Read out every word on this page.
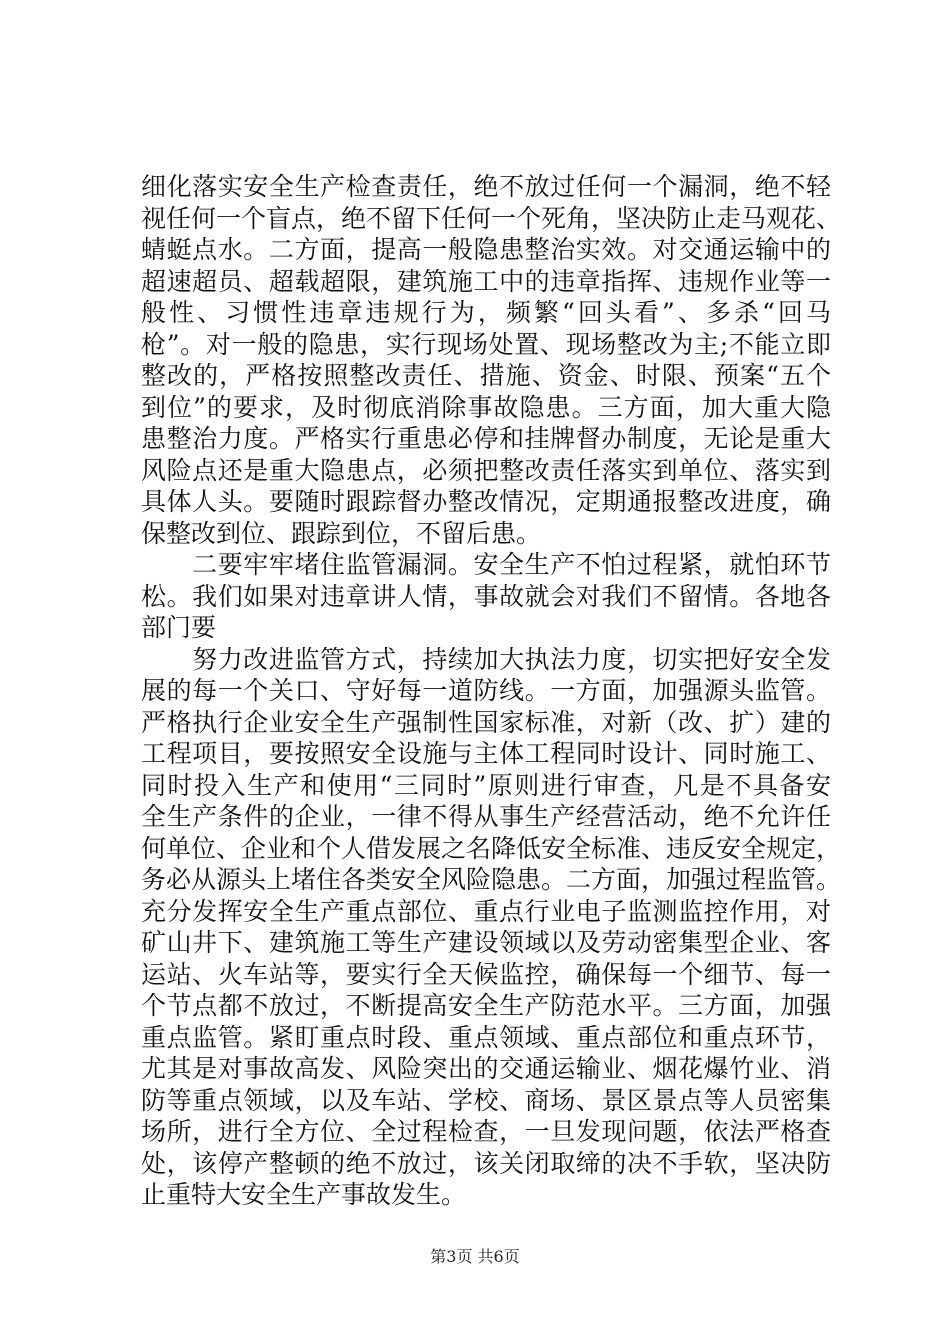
细化落实安全生产检查责任，绝不放过任何一个漏洞，绝不轻
视任何一个盲点，绝不留下任何一个死角，坚决防止走马观花、
蜻蜓点水。二方面，提高一般隐患整治实效。对交通运输中的
超速超员、超载超限，建筑施工中的违章指挥、违规作业等一
般性、习惯性违章违规行为，频繁“回头看”、多杀“回马
枪”。对一般的隐患，实行现场处置、现场整改为主;不能立即
整改的，严格按照整改责任、措施、资金、时限、预案“五个
到位”的要求，及时彻底消除事故隐患。三方面，加大重大隐
患整治力度。严格实行重患必停和挂牌督办制度，无论是重大
风险点还是重大隐患点，必须把整改责任落实到单位、落实到
具体人头。要随时跟踪督办整改情况，定期通报整改进度，确
保整改到位、跟踪到位，不留后患。
　　二要牢牢堵住监管漏洞。安全生产不怕过程紧，就怕环节
松。我们如果对违章讲人情，事故就会对我们不留情。各地各
部门要
　　努力改进监管方式，持续加大执法力度，切实把好安全发
展的每一个关口、守好每一道防线。一方面，加强源头监管。
严格执行企业安全生产强制性国家标准，对新（改、扩）建的
工程项目，要按照安全设施与主体工程同时设计、同时施工、
同时投入生产和使用“三同时”原则进行审查，凡是不具备安
全生产条件的企业，一律不得从事生产经营活动，绝不允许任
何单位、企业和个人借发展之名降低安全标准、违反安全规定，
务必从源头上堵住各类安全风险隐患。二方面，加强过程监管。
充分发挥安全生产重点部位、重点行业电子监测监控作用，对
矿山井下、建筑施工等生产建设领域以及劳动密集型企业、客
运站、火车站等，要实行全天候监控，确保每一个细节、每一
个节点都不放过，不断提高安全生产防范水平。三方面，加强
重点监管。紧盯重点时段、重点领域、重点部位和重点环节，
尤其是对事故高发、风险突出的交通运输业、烟花爆竹业、消
防等重点领域，以及车站、学校、商场、景区景点等人员密集
场所，进行全方位、全过程检查，一旦发现问题，依法严格查
处，该停产整顿的绝不放过，该关闭取缔的决不手软，坚决防
止重特大安全生产事故发生。
第3页 共6页
